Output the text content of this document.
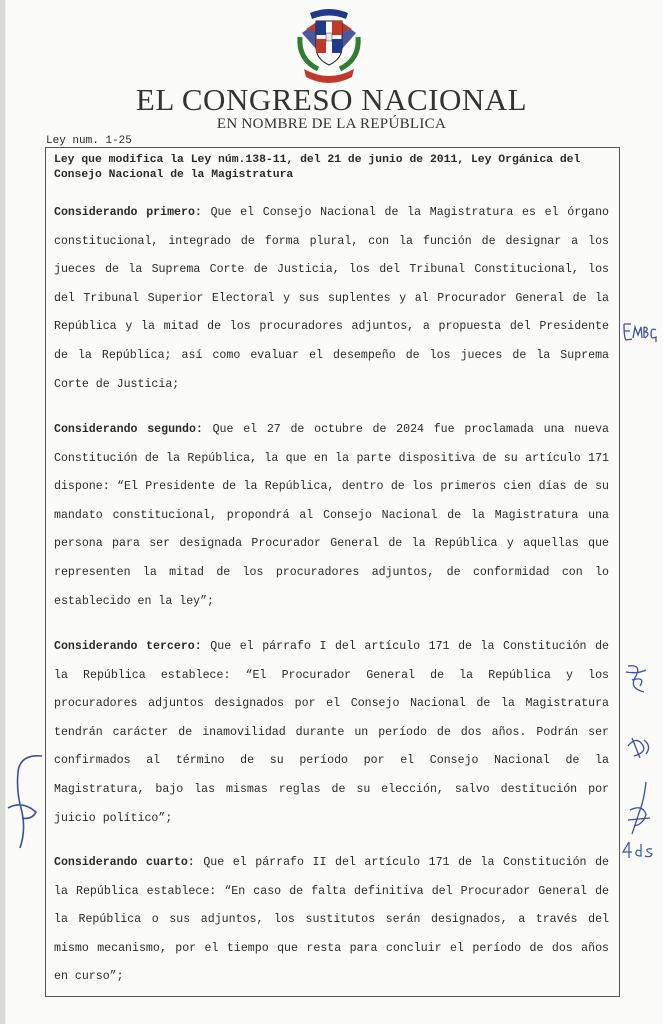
EL CONGRESO NACIONAL
EN NOMBRE DE LA REPÚBLICA
Ley num. 1-25
Ley que modifica la Ley núm.138-11, del 21 de junio de 2011, Ley Orgánica del Consejo Nacional de la Magistratura
Considerando primero: Que el Consejo Nacional de la Magistratura es el órgano constitucional, integrado de forma plural, con la función de designar a los jueces de la Suprema Corte de Justicia, los del Tribunal Constitucional, los del Tribunal Superior Electoral y sus suplentes y al Procurador General de la República y la mitad de los procuradores adjuntos, a propuesta del Presidente de la República; así como evaluar el desempeño de los jueces de la Suprema Corte de Justicia;
Considerando segundo: Que el 27 de octubre de 2024 fue proclamada una nueva Constitución de la República, la que en la parte dispositiva de su artículo 171 dispone: “El Presidente de la República, dentro de los primeros cien días de su mandato constitucional, propondrá al Consejo Nacional de la Magistratura una persona para ser designada Procurador General de la República y aquellas que representen la mitad de los procuradores adjuntos, de conformidad con lo establecido en la ley”;
Considerando tercero: Que el párrafo I del artículo 171 de la Constitución de la República establece: “El Procurador General de la República y los procuradores adjuntos designados por el Consejo Nacional de la Magistratura tendrán carácter de inamovilidad durante un período de dos años. Podrán ser confirmados al término de su período por el Consejo Nacional de la Magistratura, bajo las mismas reglas de su elección, salvo destitución por juicio político”;
Considerando cuarto: Que el párrafo II del artículo 171 de la Constitución de la República establece: “En caso de falta definitiva del Procurador General de la República o sus adjuntos, los sustitutos serán designados, a través del mismo mecanismo, por el tiempo que resta para concluir el período de dos años en curso”;
